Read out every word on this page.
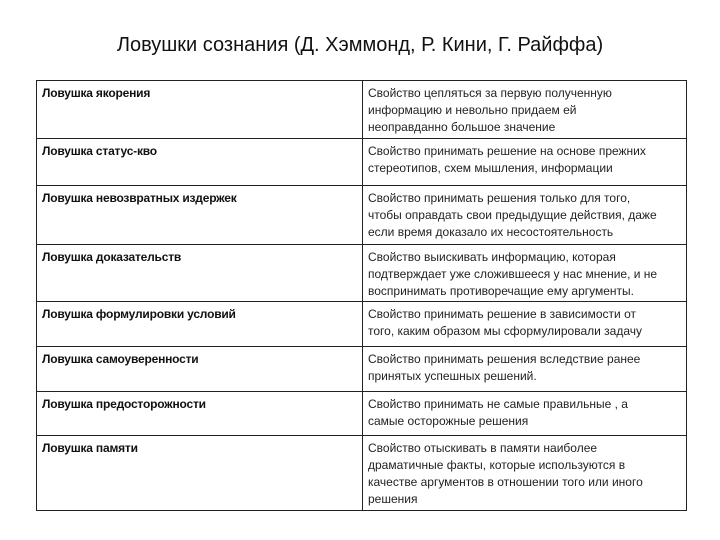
Ловушки сознания (Д. Хэммонд, Р. Кини, Г. Райффа)
Ловушка якорения	Свойство цепляться за первую полученную
информацию и невольно придаем ей
неоправданно большое значение
Ловушка статус-кво	Свойство принимать решение на основе прежних
стереотипов, схем мышления, информации
Ловушка невозвратных издержек	Свойство принимать решения только для того,
чтобы оправдать свои предыдущие действия, даже
если время доказало их несостоятельность
Ловушка доказательств	Свойство выискивать информацию, которая
подтверждает уже сложившееся у нас мнение, и не
воспринимать противоречащие ему аргументы.
Ловушка формулировки условий	Свойство принимать решение в зависимости от
того, каким образом мы сформулировали задачу
Ловушка самоуверенности	Свойство принимать решения вследствие ранее
принятых успешных решений.
Ловушка предосторожности	Свойство принимать не самые правильные , а
самые осторожные решения
Ловушка памяти	Свойство отыскивать в памяти наиболее
драматичные факты, которые используются в
качестве аргументов в отношении того или иного
решения
